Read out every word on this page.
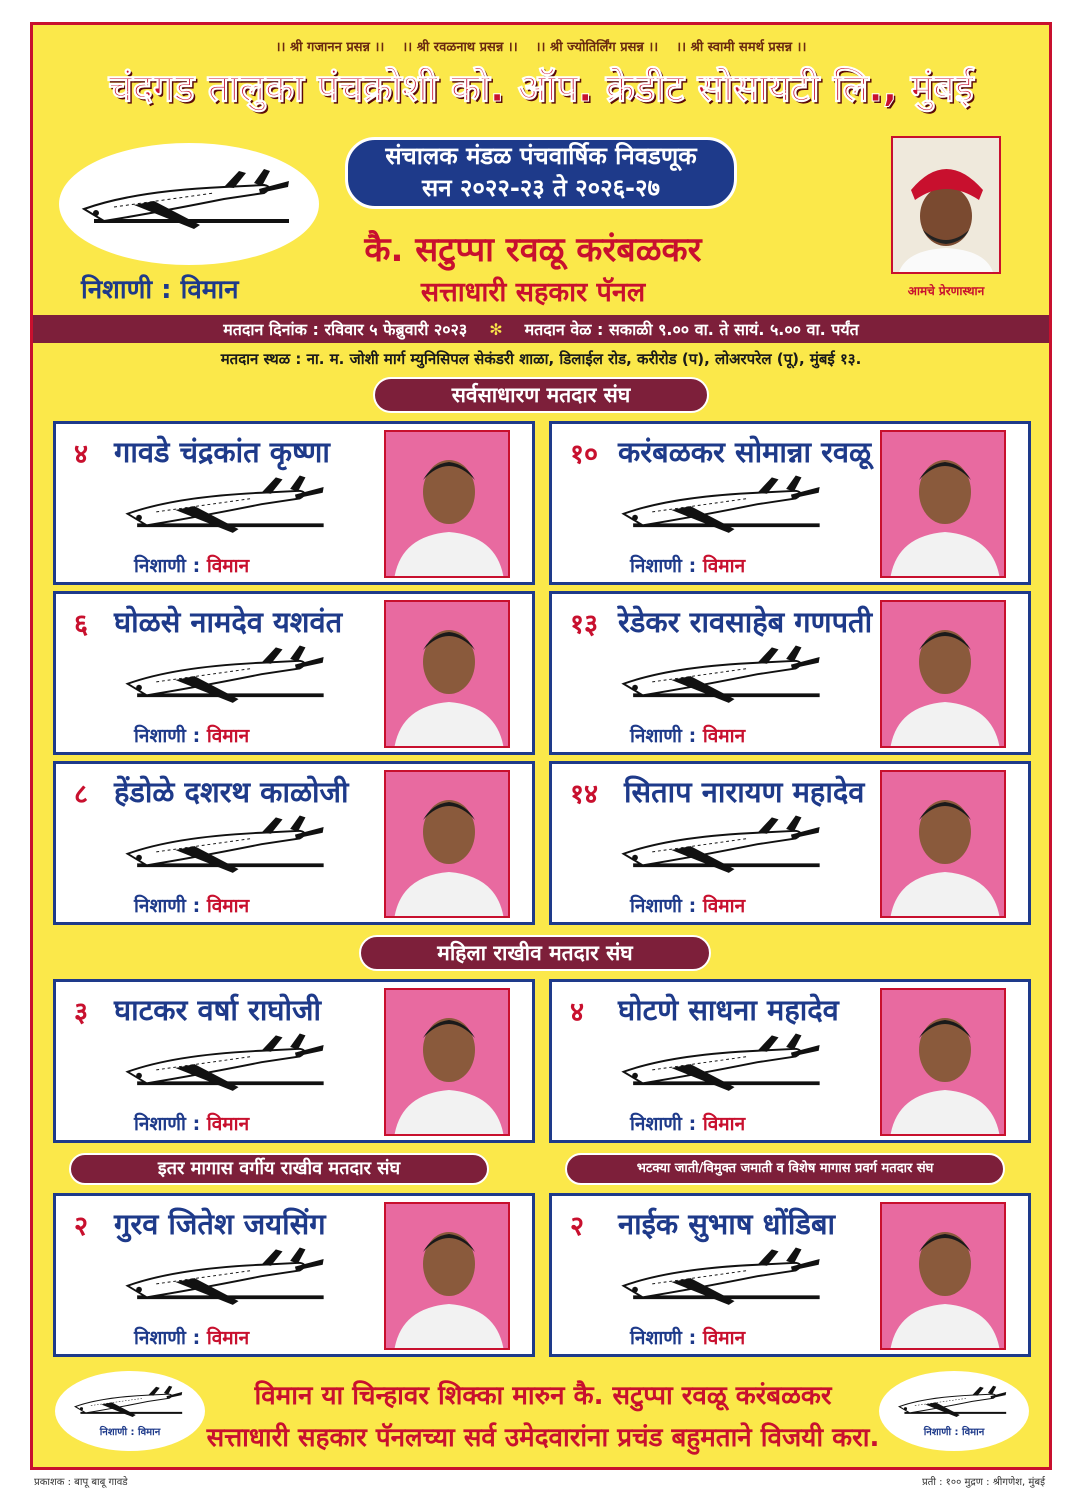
।। श्री गजानन प्रसन्न ।। ।। श्री रवळनाथ प्रसन्न ।। ।। श्री ज्योतिर्लिंग प्रसन्न ।। ।। श्री स्वामी समर्थ प्रसन्न ।।
चंदगड तालुका पंचक्रोशी को. ऑप. क्रेडीट सोसायटी लि., मुंबई
संचालक मंडळ पंचवार्षिक निवडणूक
सन २०२२-२३ ते २०२६-२७
निशाणी : विमान
कै. सटुप्पा रवळू करंबळकर
सत्ताधारी सहकार पॅनल	आमचे प्रेरणास्थान
मतदान दिनांक : रविवार ५ फेब्रुवारी २०२३ ✻ मतदान वेळ : सकाळी ९.०० वा. ते सायं. ५.०० वा. पर्यंत
मतदान स्थळ : ना. म. जोशी मार्ग म्युनिसिपल सेकंडरी शाळा, डिलाईल रोड, करीरोड (प), लोअरपरेल (पू), मुंबई १३.
सर्वसाधारण मतदार संघ
४ गावडे चंद्रकांत कृष्णा
निशाणी : विमान
१० करंबळकर सोमान्ना रवळू
निशाणी : विमान
६ घोळसे नामदेव यशवंत
निशाणी : विमान
१३ रेडेकर रावसाहेब गणपती
निशाणी : विमान
८ हेंडोळे दशरथ काळोजी
निशाणी : विमान
१४ सिताप नारायण महादेव
निशाणी : विमान
महिला राखीव मतदार संघ
३ घाटकर वर्षा राघोजी
निशाणी : विमान
४ घोटणे साधना महादेव
निशाणी : विमान
इतर मागास वर्गीय राखीव मतदार संघ	भटक्या जाती/विमुक्त जमाती व विशेष मागास प्रवर्ग मतदार संघ
२ गुरव जितेश जयसिंग
निशाणी : विमान
२ नाईक सुभाष धोंडिबा
निशाणी : विमान
निशाणी : विमान
विमान या चिन्हावर शिक्का मारुन कै. सटुप्पा रवळू करंबळकर
सत्ताधारी सहकार पॅनलच्या सर्व उमेदवारांना प्रचंड बहुमताने विजयी करा.	निशाणी : विमान
प्रकाशक : बापू बाबू गावडे	प्रती : १०० मुद्रण : श्रीगणेश, मुंबई
